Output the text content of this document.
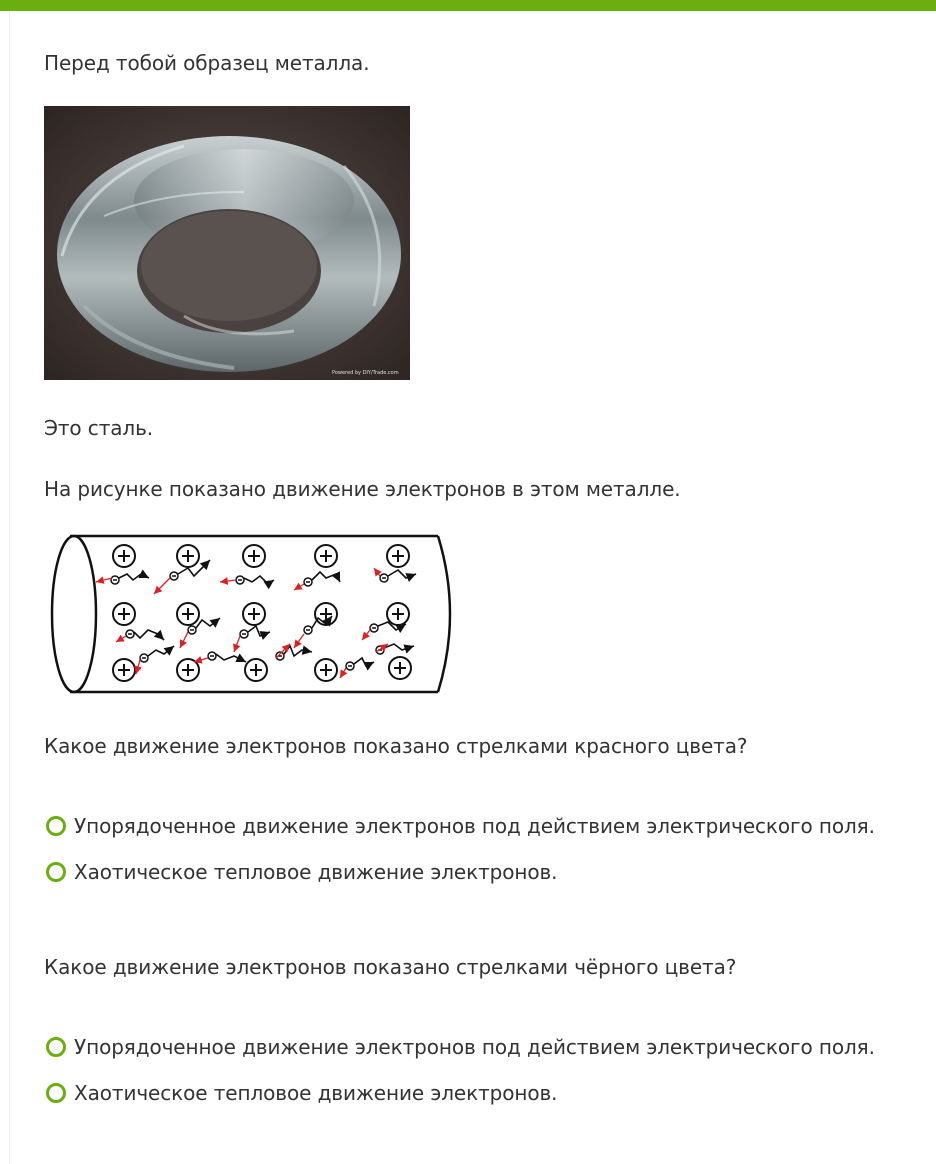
Перед тобой образец металла.
Powered by DIY/Trade.com
Это сталь.
На рисунке показано движение электронов в этом металле.
Какое движение электронов показано стрелками красного цвета?
Упорядоченное движение электронов под действием электрического поля.
Хаотическое тепловое движение электронов.
Какое движение электронов показано стрелками чёрного цвета?
Упорядоченное движение электронов под действием электрического поля.
Хаотическое тепловое движение электронов.
